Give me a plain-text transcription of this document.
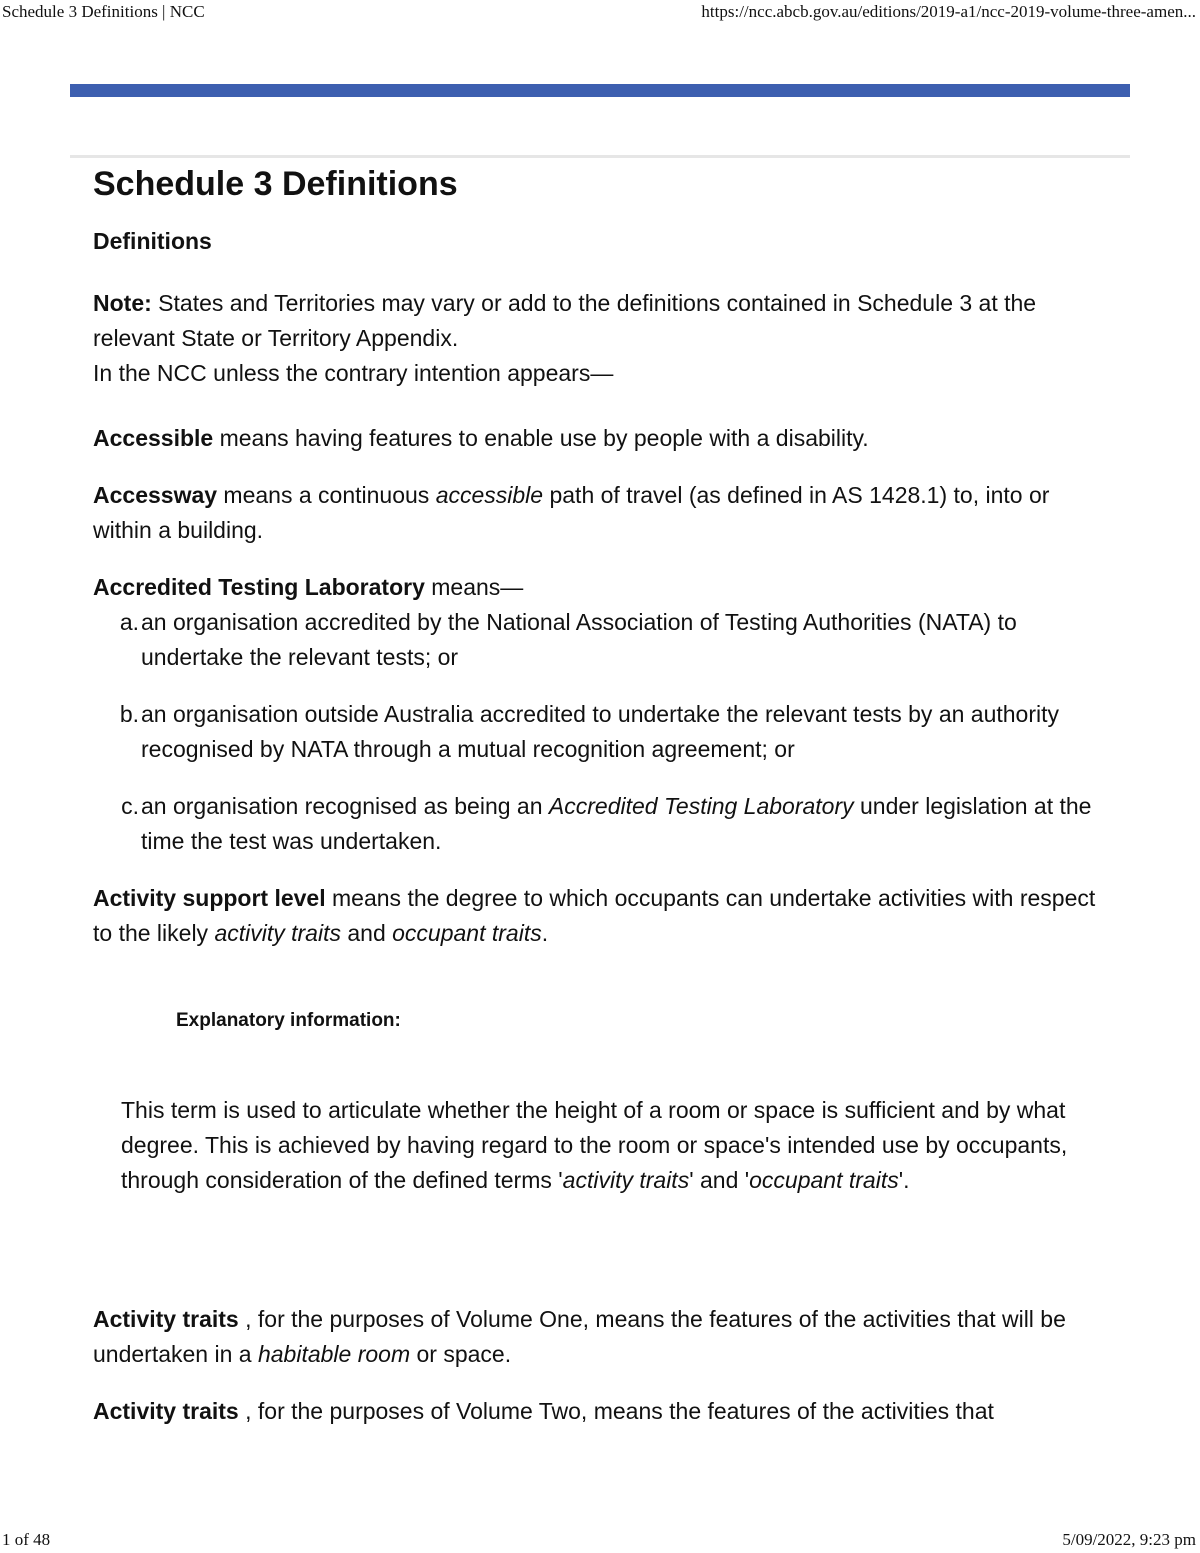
Schedule 3 Definitions | NCC	https://ncc.abcb.gov.au/editions/2019-a1/ncc-2019-volume-three-amen...
Schedule 3 Definitions
Definitions

Note: States and Territories may vary or add to the definitions contained in Schedule 3 at the relevant State or Territory Appendix.

In the NCC unless the contrary intention appears—

Accessible means having features to enable use by people with a disability.

Accessway means a continuous accessible path of travel (as defined in AS 1428.1) to, into or within a building.

Accredited Testing Laboratory means—

a. an organisation accredited by the National Association of Testing Authorities (NATA) to undertake the relevant tests; or
b. an organisation outside Australia accredited to undertake the relevant tests by an authority recognised by NATA through a mutual recognition agreement; or
c. an organisation recognised as being an Accredited Testing Laboratory under legislation at the time the test was undertaken.

Activity support level means the degree to which occupants can undertake activities with respect to the likely activity traits and occupant traits.

Explanatory information:

This term is used to articulate whether the height of a room or space is sufficient and by what degree. This is achieved by having regard to the room or space's intended use by occupants, through consideration of the defined terms 'activity traits' and 'occupant traits'.

Activity traits , for the purposes of Volume One, means the features of the activities that will be undertaken in a habitable room or space.

Activity traits , for the purposes of Volume Two, means the features of the activities that

1 of 48	5/09/2022, 9:23 pm
